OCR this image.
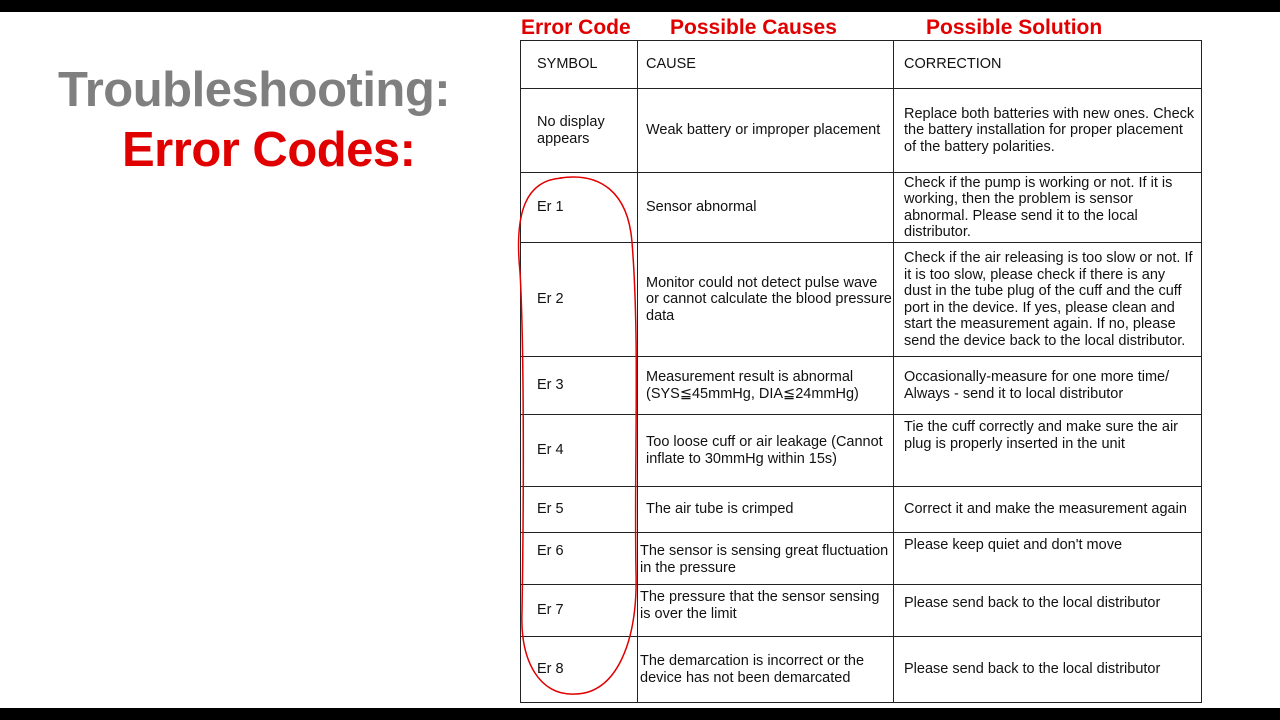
Troubleshooting:
Error Codes:
Error Code Possible Causes	Possible Solution
SYMBOL	CAUSE	CORRECTION
No display appears	Weak battery or improper placement	Replace both batteries with new ones. Check the battery installation for proper placement of the battery polarities.
Er 1	Sensor abnormal	Check if the pump is working or not. If it is working, then the problem is sensor abnormal. Please send it to the local distributor.
Er 2	Monitor could not detect pulse wave or cannot calculate the blood pressure data	Check if the air releasing is too slow or not. If it is too slow, please check if there is any dust in the tube plug of the cuff and the cuff port in the device. If yes, please clean and start the measurement again. If no, please send the device back to the local distributor.
Er 3	Measurement result is abnormal (SYS≦45mmHg, DIA≦24mmHg)	Occasionally-measure for one more time/ Always - send it to local distributor
Er 4	Too loose cuff or air leakage (Cannot inflate to 30mmHg within 15s)	Tie the cuff correctly and make sure the air plug is properly inserted in the unit
Er 5	The air tube is crimped	Correct it and make the measurement again
Er 6	The sensor is sensing great fluctuation in the pressure	Please keep quiet and don't move
Er 7	The pressure that the sensor sensing is over the limit	Please send back to the local distributor
Er 8	The demarcation is incorrect or the device has not been demarcated	Please send back to the local distributor
